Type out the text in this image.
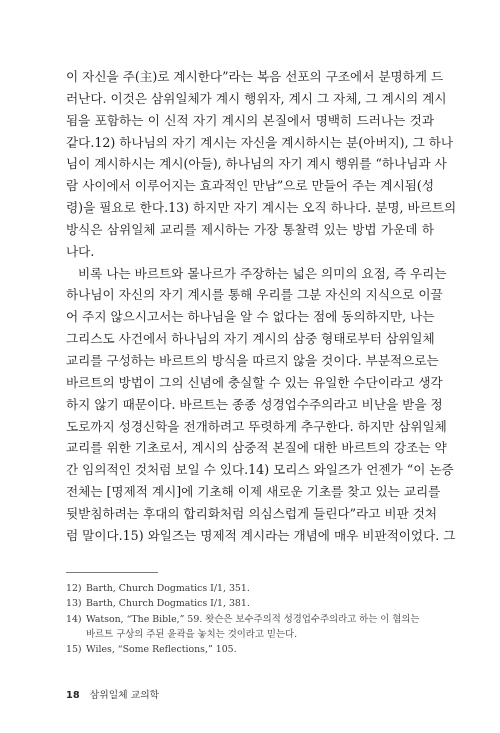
이 자신을 주(主)로 계시한다”라는 복음 선포의 구조에서 분명하게 드
러난다. 이것은 삼위일체가 계시 행위자, 계시 그 자체, 그 계시의 계시
됨을 포함하는 이 신적 자기 계시의 본질에서 명백히 드러나는 것과
같다.12) 하나님의 자기 계시는 자신을 계시하시는 분(아버지), 그 하나
님이 계시하시는 계시(아들), 하나님의 자기 계시 행위를 “하나님과 사
람 사이에서 이루어지는 효과적인 만남”으로 만들어 주는 계시됨(성
령)을 필요로 한다.13) 하지만 자기 계시는 오직 하나다. 분명, 바르트의
방식은 삼위일체 교리를 제시하는 가장 통찰력 있는 방법 가운데 하
나다.
비록 나는 바르트와 몰나르가 주장하는 넓은 의미의 요점, 즉 우리는
하나님이 자신의 자기 계시를 통해 우리를 그분 자신의 지식으로 이끌
어 주지 않으시고서는 하나님을 알 수 없다는 점에 동의하지만, 나는
그리스도 사건에서 하나님의 자기 계시의 삼중 형태로부터 삼위일체
교리를 구성하는 바르트의 방식을 따르지 않을 것이다. 부분적으로는
바르트의 방법이 그의 신념에 충실할 수 있는 유일한 수단이라고 생각
하지 않기 때문이다. 바르트는 종종 성경업수주의라고 비난을 받을 정
도로까지 성경신학을 전개하려고 뚜렷하게 추구한다. 하지만 삼위일체
교리를 위한 기초로서, 계시의 삼중적 본질에 대한 바르트의 강조는 약
간 임의적인 것처럼 보일 수 있다.14) 모리스 와일즈가 언젠가 “이 논증
전체는 [명제적 계시]에 기초해 이제 새로운 기초를 찾고 있는 교리를
뒷받침하려는 후대의 합리화처럼 의심스럽게 들린다”라고 비판 것처
럼 말이다.15) 와일즈는 명제적 계시라는 개념에 매우 비판적이었다. 그
12) Barth, Church Dogmatics I/1, 351.
13) Barth, Church Dogmatics I/1, 381.
14) Watson, “The Bible,” 59. 왓슨은 보수주의적 성경업수주의라고 하는 이 혐의는
바르트 구상의 주된 윤곽을 놓치는 것이라고 믿는다.
15) Wiles, “Some Reflections,” 105.
18 삼위일체 교의학
